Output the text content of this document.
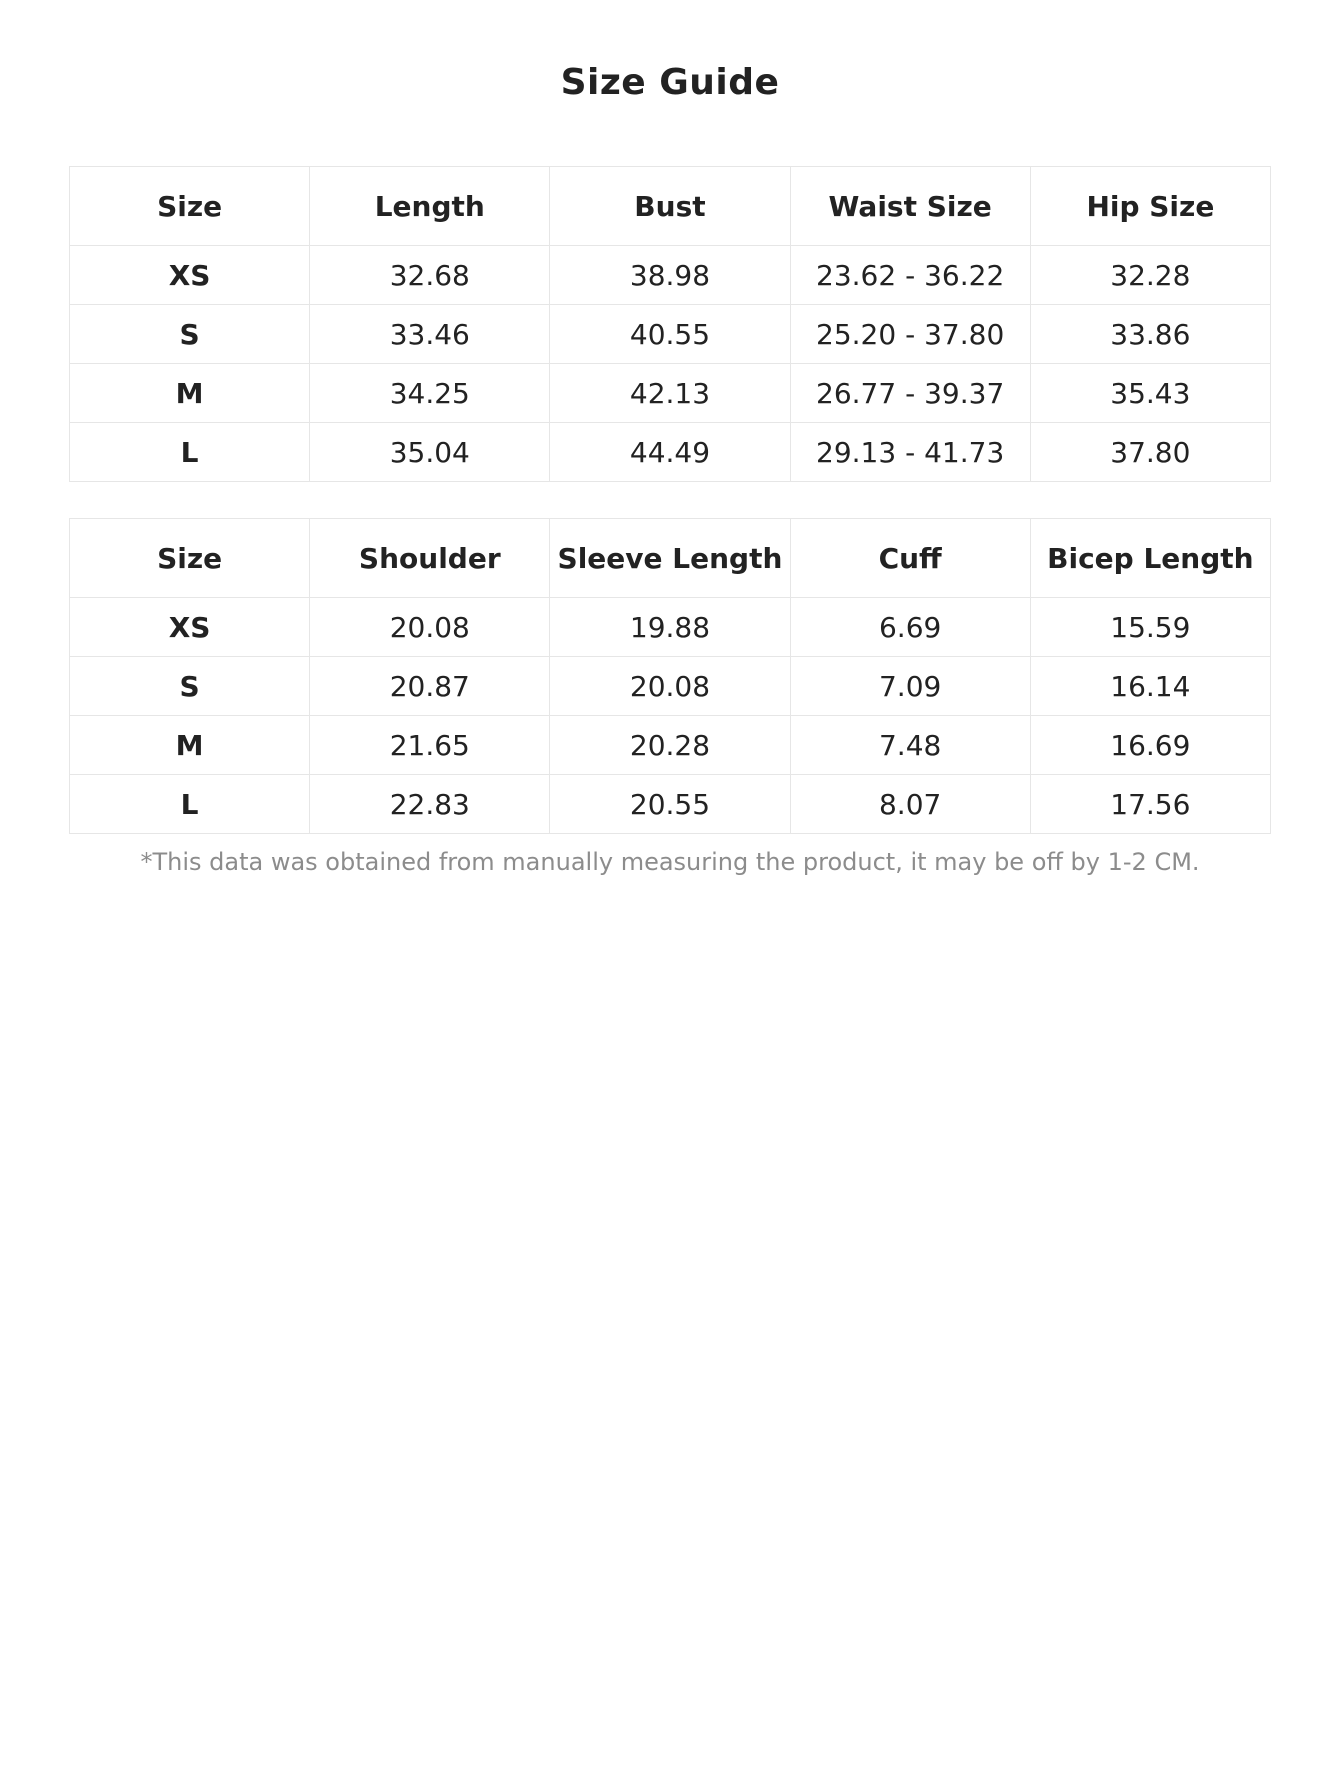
Size Guide
Size	Length	Bust	Waist Size	Hip Size
XS	32.68	38.98	23.62 - 36.22	32.28
S	33.46	40.55	25.20 - 37.80	33.86
M	34.25	42.13	26.77 - 39.37	35.43
L	35.04	44.49	29.13 - 41.73	37.80
Size	Shoulder	Sleeve Length	Cuff	Bicep Length
XS	20.08	19.88	6.69	15.59
S	20.87	20.08	7.09	16.14
M	21.65	20.28	7.48	16.69
L	22.83	20.55	8.07	17.56

*This data was obtained from manually measuring the product, it may be off by 1-2 CM.
